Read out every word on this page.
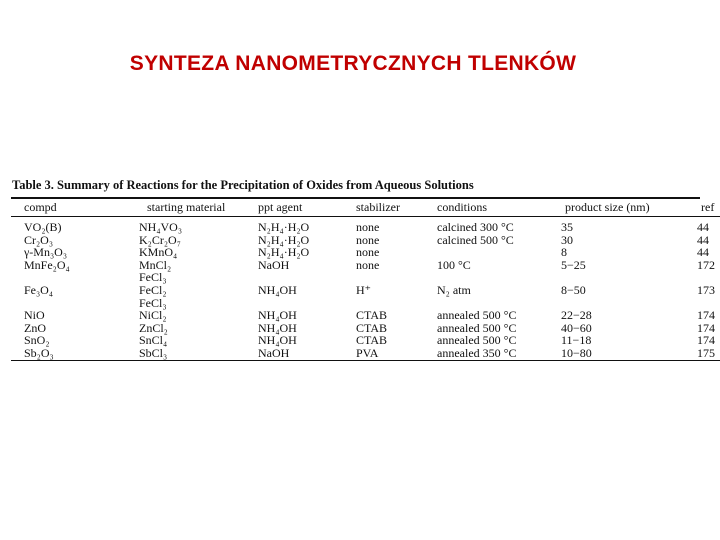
SYNTEZA NANOMETRYCZNYCH TLENKÓW
Table 3. Summary of Reactions for the Precipitation of Oxides from Aqueous Solutions
compd	starting material	ppt agent	stabilizer	conditions	product size (nm)	ref

VO₂(B)	NH₄VO₃	N₂H₄·H₂O	none	calcined 300 °C	35	44
Cr₂O₃	K₂Cr₂O₇	N₂H₄·H₂O	none	calcined 500 °C	30	44
γ-Mn₃O₃	KMnO₄	N₂H₄·H₂O	none		8	44
MnFe₂O₄	MnCl₂	NaOH	none	100 °C	5−25	172
	FeCl₃					
Fe₃O₄	FeCl₂	NH₄OH	H⁺	N₂ atm	8−50	173
	FeCl₃					
NiO	NiCl₂	NH₄OH	CTAB	annealed 500 °C	22−28	174
ZnO	ZnCl₂	NH₄OH	CTAB	annealed 500 °C	40−60	174
SnO₂	SnCl₄	NH₄OH	CTAB	annealed 500 °C	11−18	174
Sb₂O₃	SbCl₃	NaOH	PVA	annealed 350 °C	10−80	175
